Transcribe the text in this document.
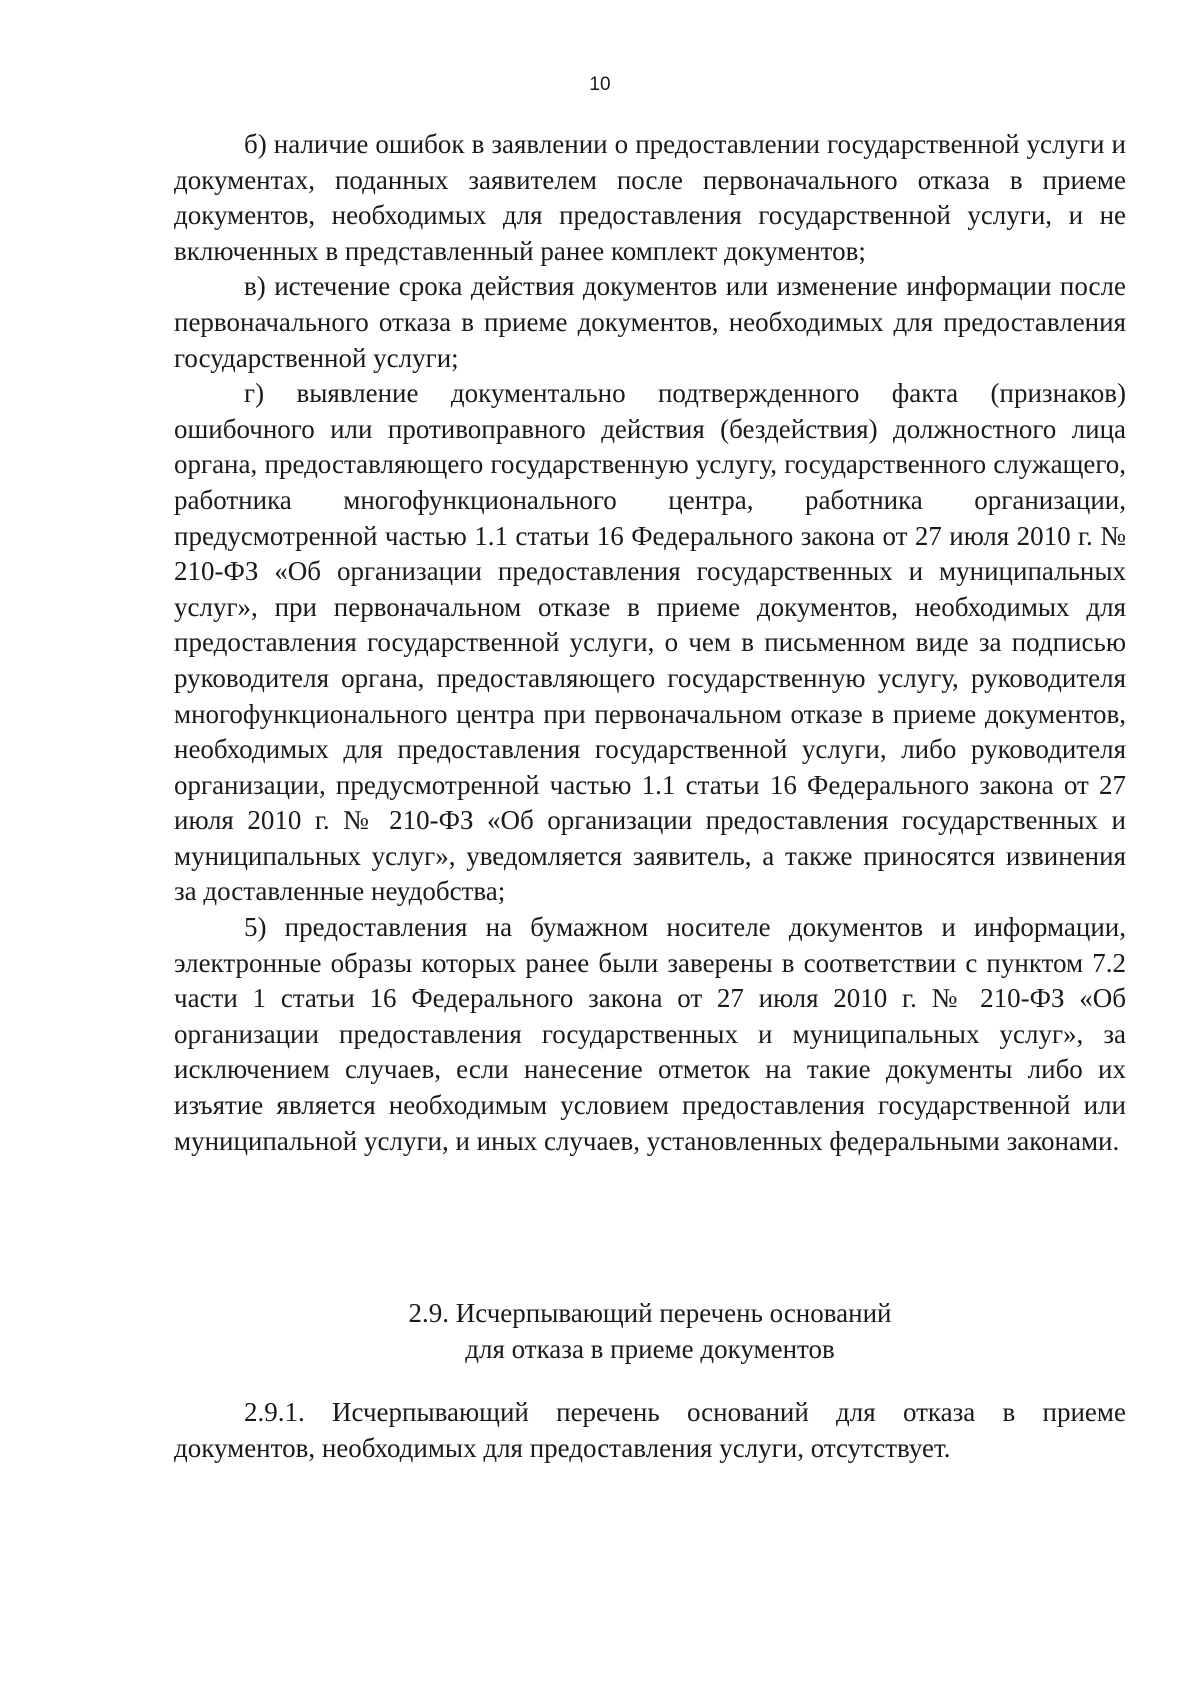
10

б) наличие ошибок в заявлении о предоставлении государственной услуги и документах, поданных заявителем после первоначального отказа в приеме документов, необходимых для предоставления государственной услуги, и не включенных в представленный ранее комплект документов;

в) истечение срока действия документов или изменение информации после первоначального отказа в приеме документов, необходимых для предоставления государственной услуги;

г) выявление документально подтвержденного факта (признаков) ошибочного или противоправного действия (бездействия) должностного лица органа, предоставляющего государственную услугу, государственного служащего, работника многофункционального центра, работника организации, предусмотренной частью 1.1 статьи 16 Федерального закона от 27 июля 2010 г. № 210-ФЗ «Об организации предоставления государственных и муниципальных услуг», при первоначальном отказе в приеме документов, необходимых для предоставления государственной услуги, о чем в письменном виде за подписью руководителя органа, предоставляющего государственную услугу, руководителя многофункционального центра при первоначальном отказе в приеме документов, необходимых для предоставления государственной услуги, либо руководителя организации, предусмотренной частью 1.1 статьи 16 Федерального закона от 27 июля 2010 г. № 210-ФЗ «Об организации предоставления государственных и муниципальных услуг», уведомляется заявитель, а также приносятся извинения за доставленные неудобства;

5) предоставления на бумажном носителе документов и информации, электронные образы которых ранее были заверены в соответствии с пунктом 7.2 части 1 статьи 16 Федерального закона от 27 июля 2010 г. № 210-ФЗ «Об организации предоставления государственных и муниципальных услуг», за исключением случаев, если нанесение отметок на такие документы либо их изъятие является необходимым условием предоставления государственной или муниципальной услуги, и иных случаев, установленных федеральными законами.

2.9. Исчерпывающий перечень оснований
для отказа в приеме документов

2.9.1. Исчерпывающий перечень оснований для отказа в приеме документов, необходимых для предоставления услуги, отсутствует.
